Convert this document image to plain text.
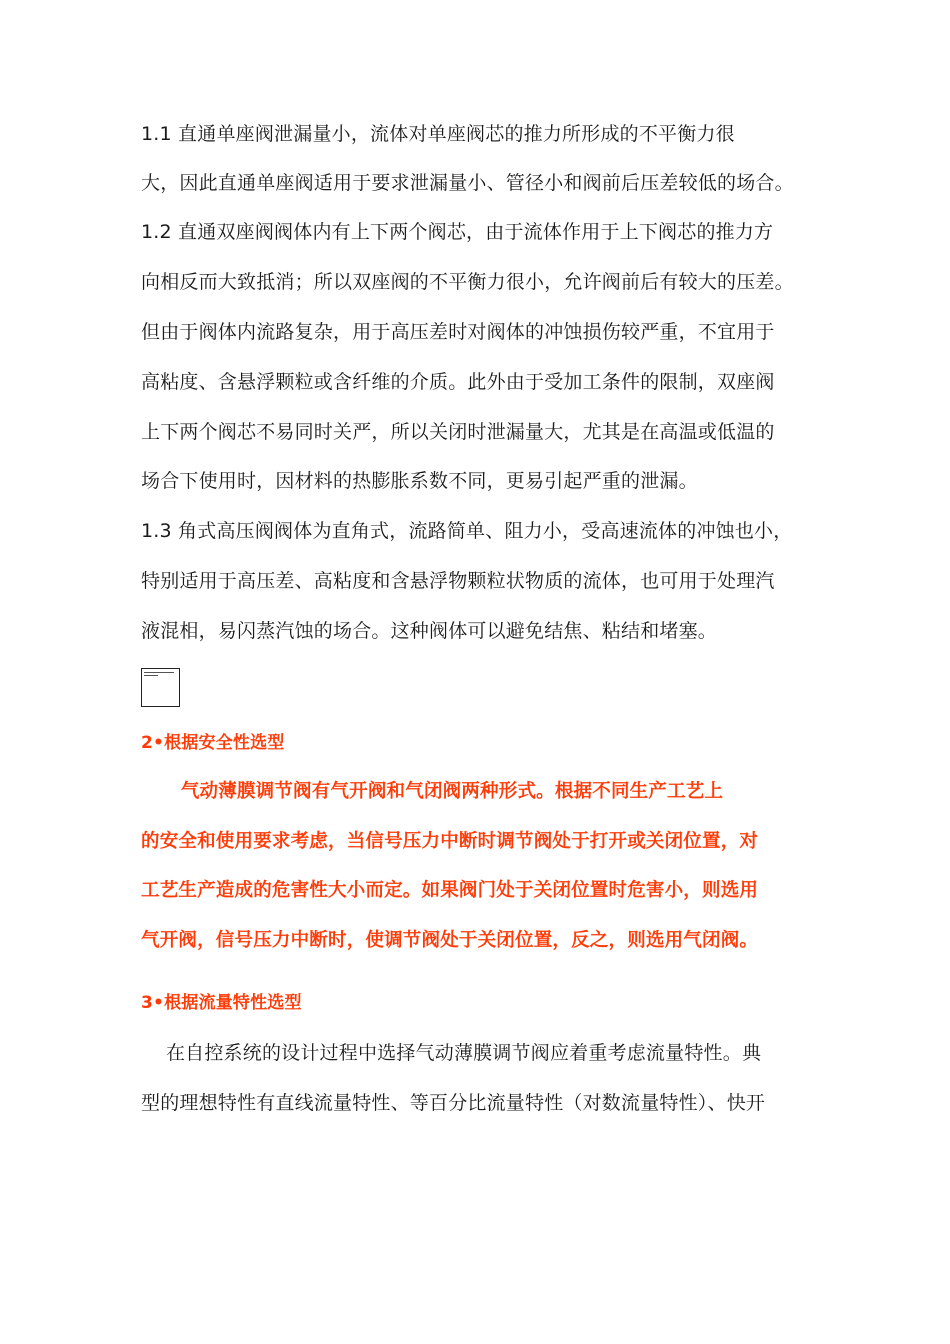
1.1 直通单座阀泄漏量小，流体对单座阀芯的推力所形成的不平衡力很
大，因此直通单座阀适用于要求泄漏量小、管径小和阀前后压差较低的场合。
1.2 直通双座阀阀体内有上下两个阀芯，由于流体作用于上下阀芯的推力方
向相反而大致抵消；所以双座阀的不平衡力很小，允许阀前后有较大的压差。
但由于阀体内流路复杂，用于高压差时对阀体的冲蚀损伤较严重，不宜用于
高粘度、含悬浮颗粒或含纤维的介质。此外由于受加工条件的限制，双座阀
上下两个阀芯不易同时关严，所以关闭时泄漏量大，尤其是在高温或低温的
场合下使用时，因材料的热膨胀系数不同，更易引起严重的泄漏。
1.3 角式高压阀阀体为直角式，流路简单、阻力小，受高速流体的冲蚀也小，
特别适用于高压差、高粘度和含悬浮物颗粒状物质的流体，也可用于处理汽
液混相，易闪蒸汽蚀的场合。这种阀体可以避免结焦、粘结和堵塞。
2•根据安全性选型
气动薄膜调节阀有气开阀和气闭阀两种形式。根据不同生产工艺上
的安全和使用要求考虑，当信号压力中断时调节阀处于打开或关闭位置，对
工艺生产造成的危害性大小而定。如果阀门处于关闭位置时危害小，则选用
气开阀，信号压力中断时，使调节阀处于关闭位置，反之，则选用气闭阀。
3•根据流量特性选型
在自控系统的设计过程中选择气动薄膜调节阀应着重考虑流量特性。典
型的理想特性有直线流量特性、等百分比流量特性（对数流量特性）、快开
